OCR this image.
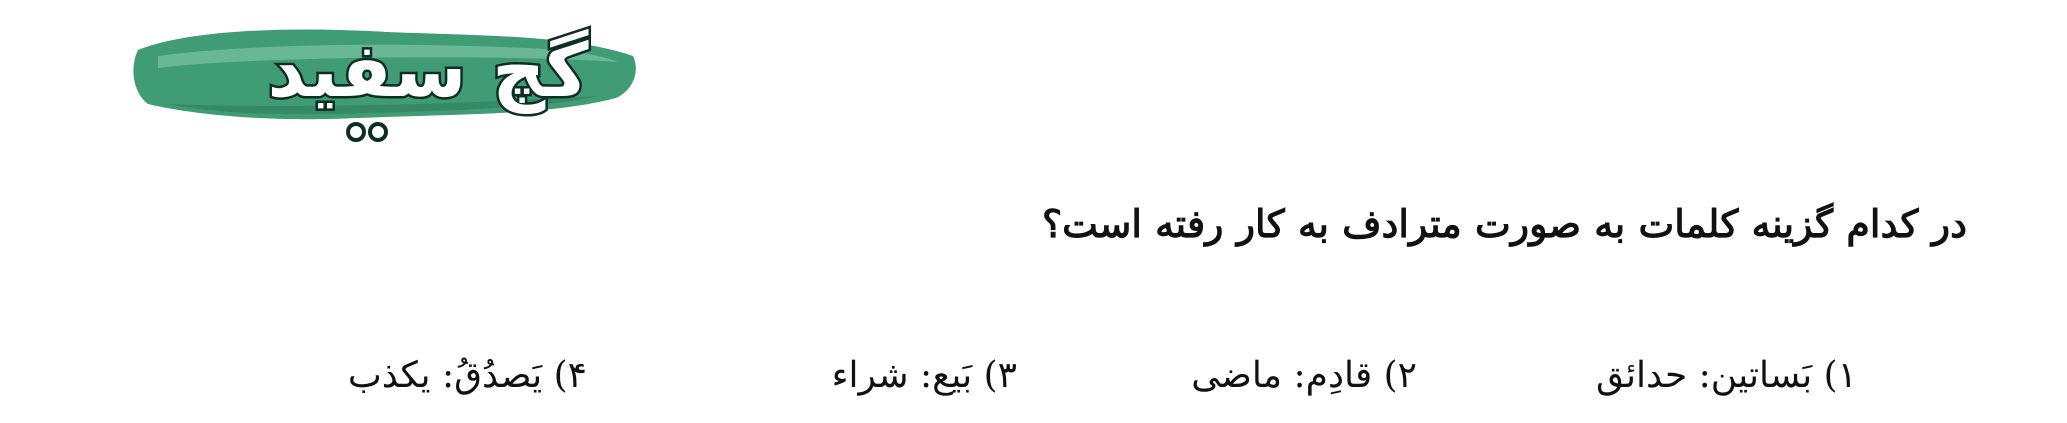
گچ سفید
در کدام گزینه کلمات به صورت مترادف به کار رفته است؟
۱) بَساتین: حدائق
۲) قادِم: ماضی
۳) بَیع: شراء
۴) یَصدُقُ: یکذب
